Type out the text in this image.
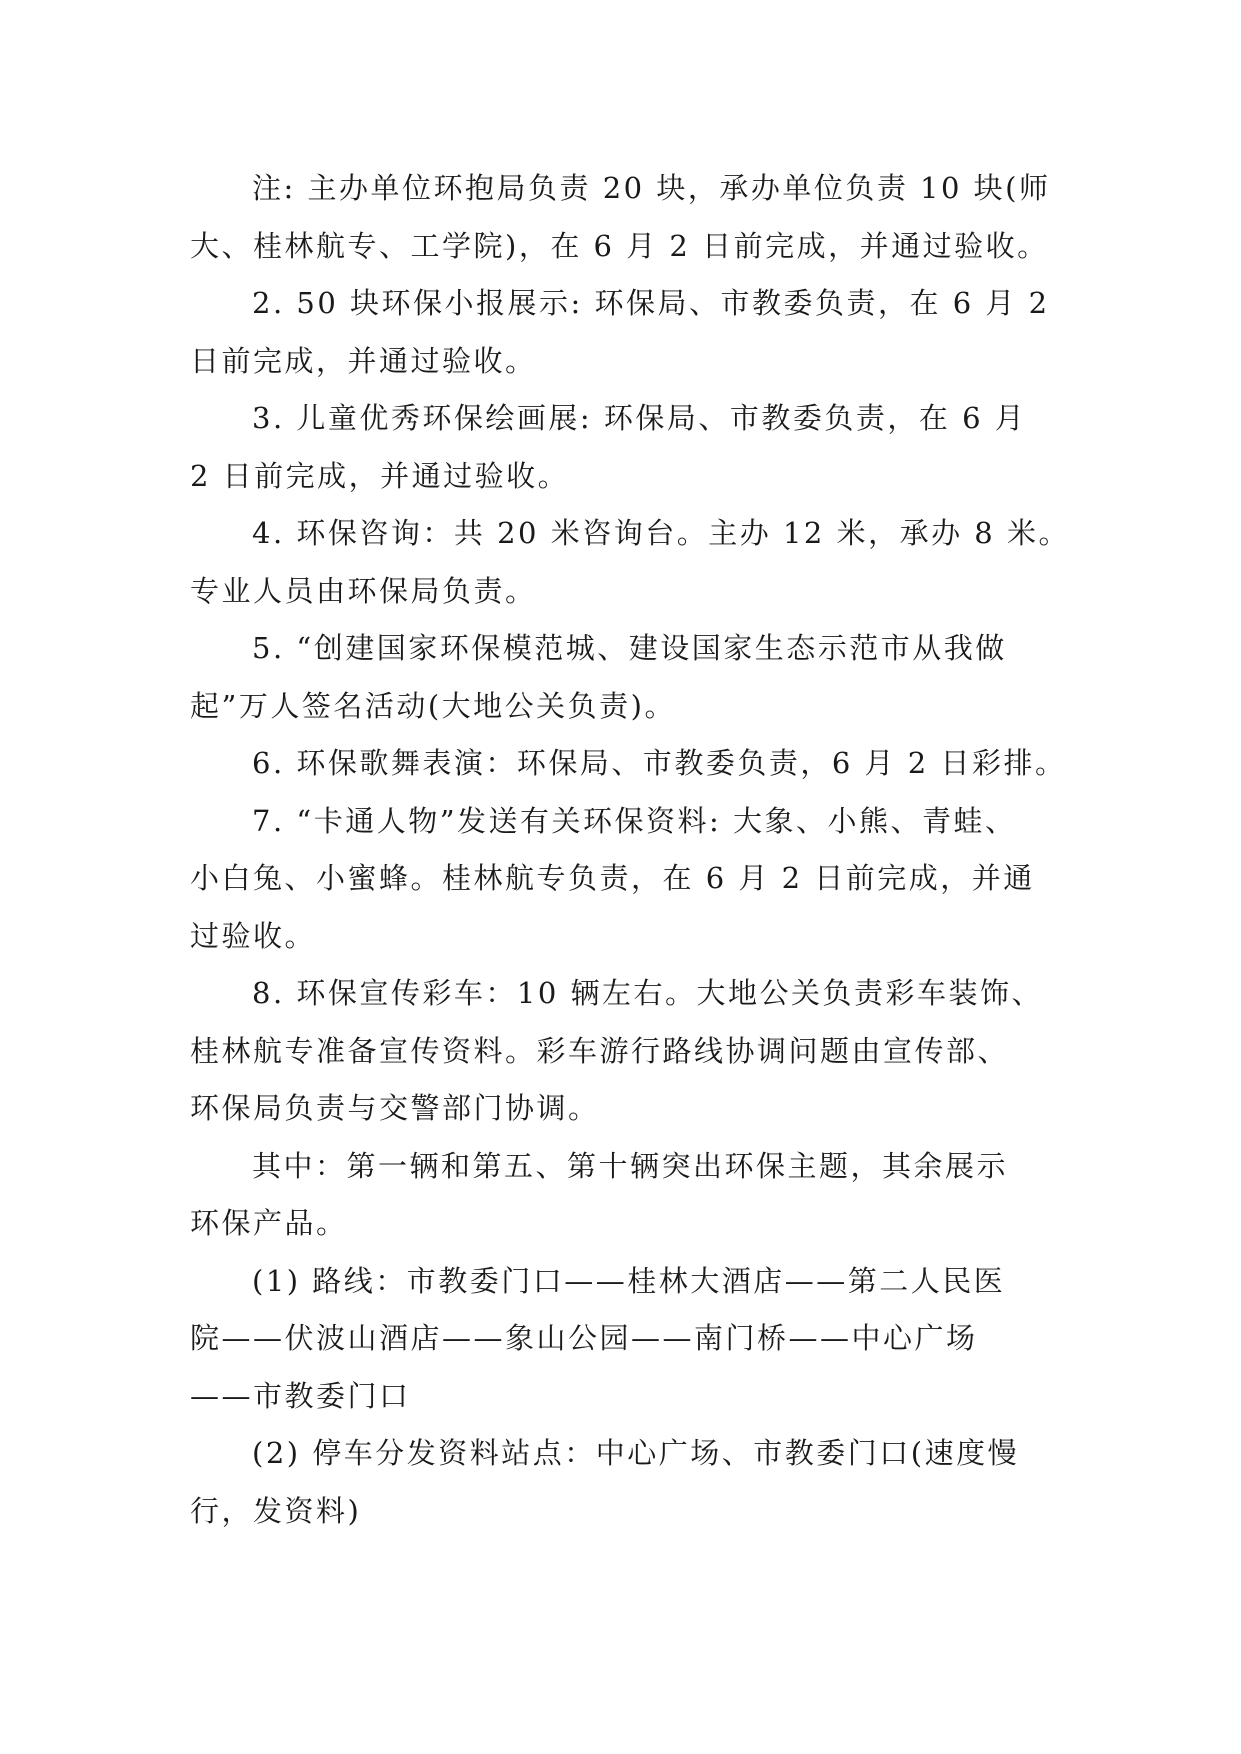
注: 主办单位环抱局负责 20 块，承办单位负责 10 块(师
大、桂林航专、工学院)，在 6 月 2 日前完成，并通过验收。

2. 50 块环保小报展示: 环保局、市教委负责，在 6 月 2
日前完成，并通过验收。

3. 儿童优秀环保绘画展: 环保局、市教委负责，在 6 月
2 日前完成，并通过验收。

4. 环保咨询：共 20 米咨询台。主办 12 米，承办 8 米。
专业人员由环保局负责。

5. “创建国家环保模范城、建设国家生态示范市从我做
起”万人签名活动(大地公关负责)。

6. 环保歌舞表演：环保局、市教委负责，6 月 2 日彩排。

7. “卡通人物”发送有关环保资料: 大象、小熊、青蛙、
小白兔、小蜜蜂。桂林航专负责，在 6 月 2 日前完成，并通
过验收。

8. 环保宣传彩车：10 辆左右。大地公关负责彩车装饰、
桂林航专准备宣传资料。彩车游行路线协调问题由宣传部、
环保局负责与交警部门协调。

其中：第一辆和第五、第十辆突出环保主题，其余展示
环保产品。

(1) 路线：市教委门口——桂林大酒店——第二人民医
院——伏波山酒店——象山公园——南门桥——中心广场
——市教委门口

(2) 停车分发资料站点：中心广场、市教委门口(速度慢
行，发资料)
